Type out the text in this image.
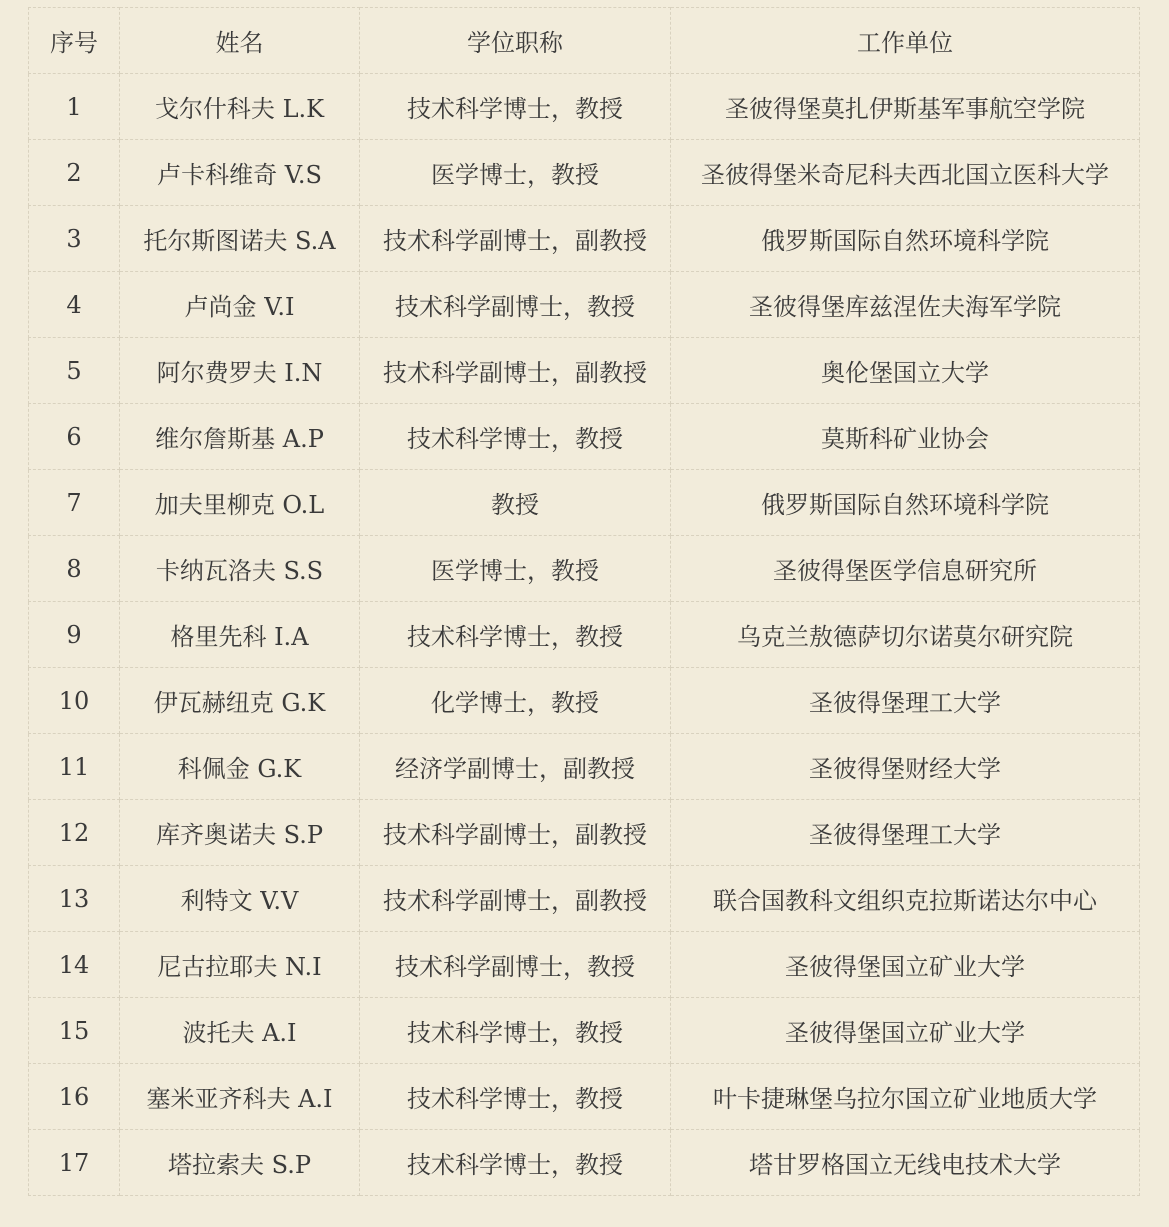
序号	姓名	学位职称	工作单位
1	戈尔什科夫 L.K	技术科学博士，教授	圣彼得堡莫扎伊斯基军事航空学院
2	卢卡科维奇 V.S	医学博士，教授	圣彼得堡米奇尼科夫西北国立医科大学
3	托尔斯图诺夫 S.A	技术科学副博士，副教授	俄罗斯国际自然环境科学院
4	卢尚金 V.I	技术科学副博士，教授	圣彼得堡库兹涅佐夫海军学院
5	阿尔费罗夫 I.N	技术科学副博士，副教授	奥伦堡国立大学
6	维尔詹斯基 A.P	技术科学博士，教授	莫斯科矿业协会
7	加夫里柳克 O.L	教授	俄罗斯国际自然环境科学院
8	卡纳瓦洛夫 S.S	医学博士，教授	圣彼得堡医学信息研究所
9	格里先科 I.A	技术科学博士，教授	乌克兰敖德萨切尔诺莫尔研究院
10	伊瓦赫纽克 G.K	化学博士，教授	圣彼得堡理工大学
11	科佩金 G.K	经济学副博士，副教授	圣彼得堡财经大学
12	库齐奥诺夫 S.P	技术科学副博士，副教授	圣彼得堡理工大学
13	利特文 V.V	技术科学副博士，副教授	联合国教科文组织克拉斯诺达尔中心
14	尼古拉耶夫 N.I	技术科学副博士，教授	圣彼得堡国立矿业大学
15	波托夫 A.I	技术科学博士，教授	圣彼得堡国立矿业大学
16	塞米亚齐科夫 A.I	技术科学博士，教授	叶卡捷琳堡乌拉尔国立矿业地质大学
17	塔拉索夫 S.P	技术科学博士，教授	塔甘罗格国立无线电技术大学
